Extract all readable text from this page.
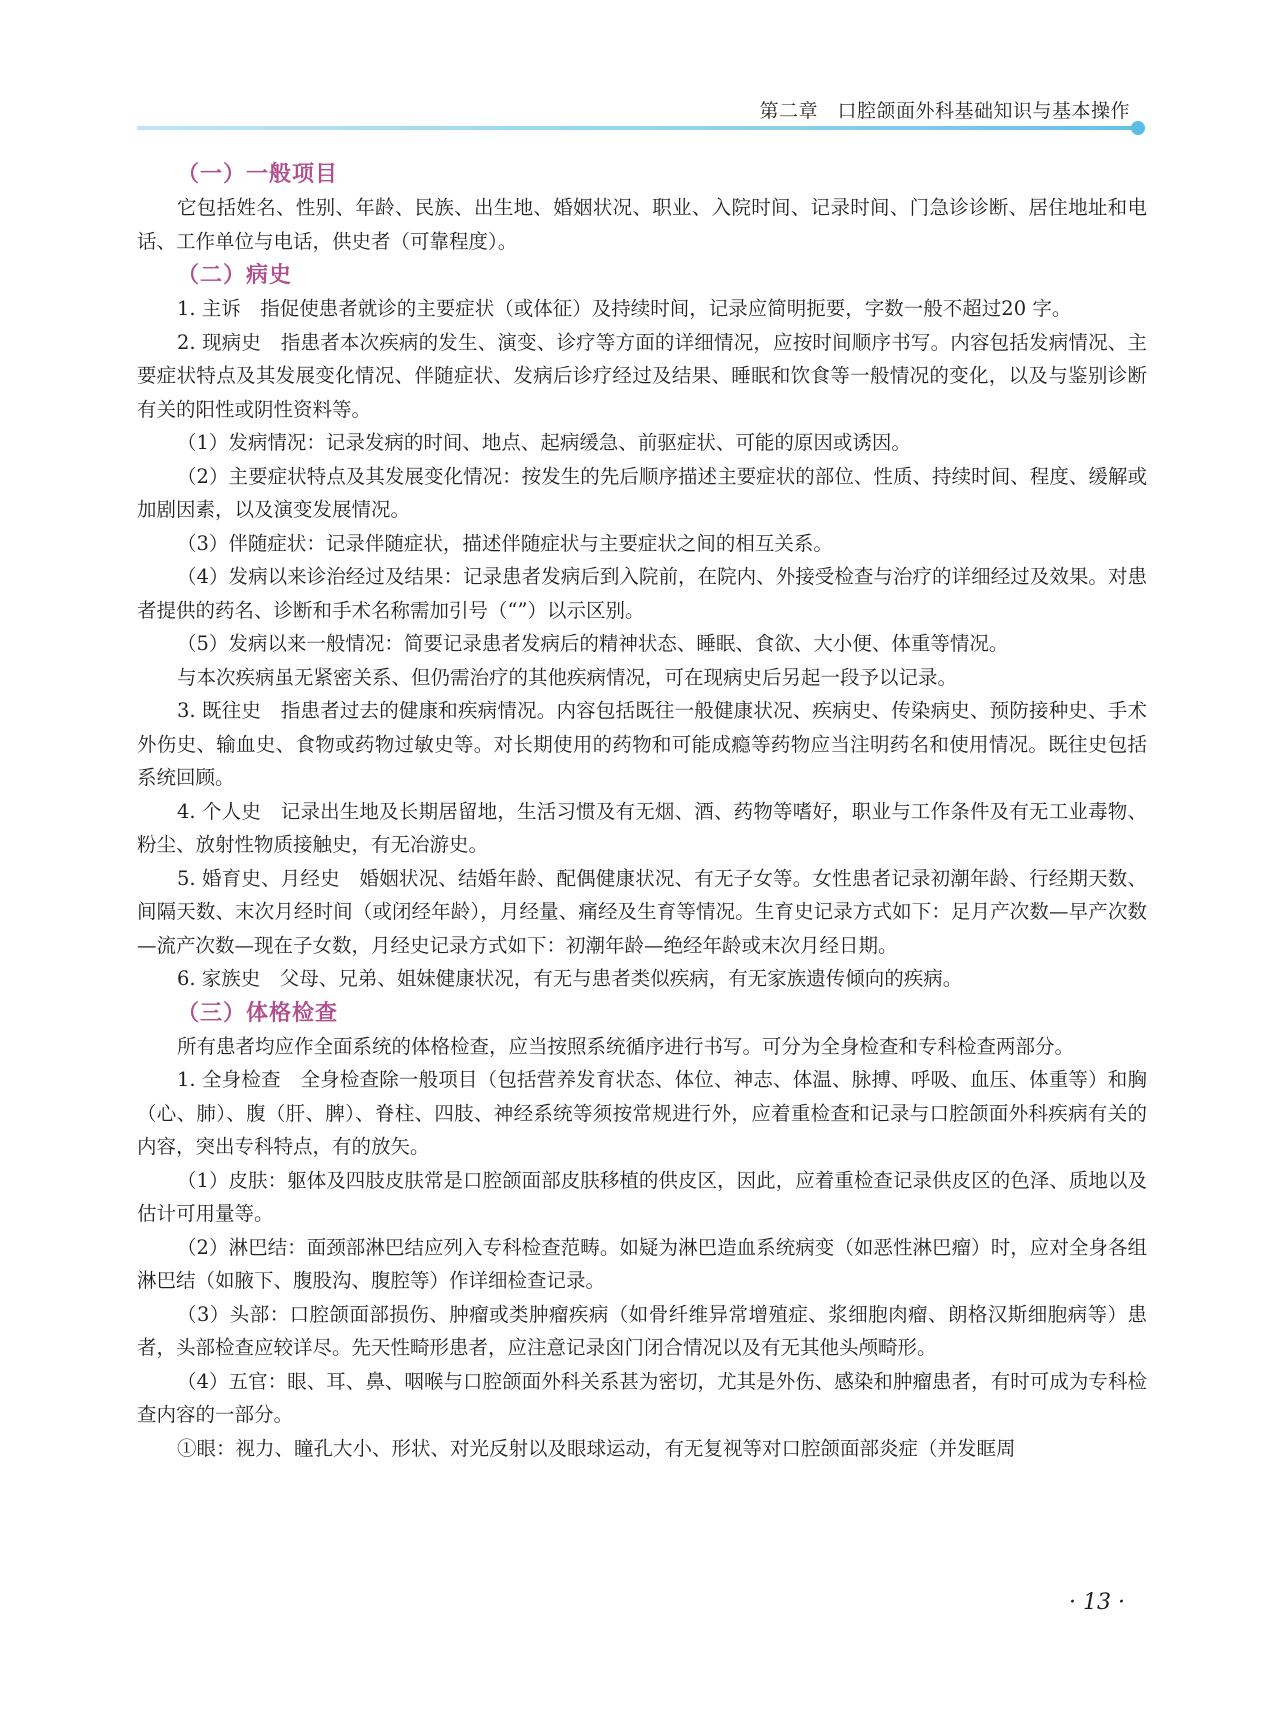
第二章　口腔颌面外科基础知识与基本操作
（一）一般项目

它包括姓名、性别、年龄、民族、出生地、婚姻状况、职业、入院时间、记录时间、门急诊诊断、居住地址和电话、工作单位与电话，供史者（可靠程度）。

（二）病史

1. 主诉　指促使患者就诊的主要症状（或体征）及持续时间，记录应简明扼要，字数一般不超过20 字。

2. 现病史　指患者本次疾病的发生、演变、诊疗等方面的详细情况，应按时间顺序书写。内容包括发病情况、主要症状特点及其发展变化情况、伴随症状、发病后诊疗经过及结果、睡眠和饮食等一般情况的变化，以及与鉴别诊断有关的阳性或阴性资料等。

（1）发病情况：记录发病的时间、地点、起病缓急、前驱症状、可能的原因或诱因。

（2）主要症状特点及其发展变化情况：按发生的先后顺序描述主要症状的部位、性质、持续时间、程度、缓解或加剧因素，以及演变发展情况。

（3）伴随症状：记录伴随症状，描述伴随症状与主要症状之间的相互关系。

（4）发病以来诊治经过及结果：记录患者发病后到入院前，在院内、外接受检查与治疗的详细经过及效果。对患者提供的药名、诊断和手术名称需加引号（“”）以示区别。

（5）发病以来一般情况：简要记录患者发病后的精神状态、睡眠、食欲、大小便、体重等情况。

与本次疾病虽无紧密关系、但仍需治疗的其他疾病情况，可在现病史后另起一段予以记录。

3. 既往史　指患者过去的健康和疾病情况。内容包括既往一般健康状况、疾病史、传染病史、预防接种史、手术外伤史、输血史、食物或药物过敏史等。对长期使用的药物和可能成瘾等药物应当注明药名和使用情况。既往史包括系统回顾。

4. 个人史　记录出生地及长期居留地，生活习惯及有无烟、酒、药物等嗜好，职业与工作条件及有无工业毒物、粉尘、放射性物质接触史，有无冶游史。

5. 婚育史、月经史　婚姻状况、结婚年龄、配偶健康状况、有无子女等。女性患者记录初潮年龄、行经期天数、间隔天数、末次月经时间（或闭经年龄），月经量、痛经及生育等情况。生育史记录方式如下：足月产次数—早产次数—流产次数—现在子女数，月经史记录方式如下：初潮年龄—绝经年龄或末次月经日期。

6. 家族史　父母、兄弟、姐妹健康状况，有无与患者类似疾病，有无家族遗传倾向的疾病。

（三）体格检查

所有患者均应作全面系统的体格检查，应当按照系统循序进行书写。可分为全身检查和专科检查两部分。

1. 全身检查　全身检查除一般项目（包括营养发育状态、体位、神志、体温、脉搏、呼吸、血压、体重等）和胸（心、肺）、腹（肝、脾）、脊柱、四肢、神经系统等须按常规进行外，应着重检查和记录与口腔颌面外科疾病有关的内容，突出专科特点，有的放矢。

（1）皮肤：躯体及四肢皮肤常是口腔颌面部皮肤移植的供皮区，因此，应着重检查记录供皮区的色泽、质地以及估计可用量等。

（2）淋巴结：面颈部淋巴结应列入专科检查范畴。如疑为淋巴造血系统病变（如恶性淋巴瘤）时，应对全身各组淋巴结（如腋下、腹股沟、腹腔等）作详细检查记录。

（3）头部：口腔颌面部损伤、肿瘤或类肿瘤疾病（如骨纤维异常增殖症、浆细胞肉瘤、朗格汉斯细胞病等）患者，头部检查应较详尽。先天性畸形患者，应注意记录囟门闭合情况以及有无其他头颅畸形。

（4）五官：眼、耳、鼻、咽喉与口腔颌面外科关系甚为密切，尤其是外伤、感染和肿瘤患者，有时可成为专科检查内容的一部分。

①眼：视力、瞳孔大小、形状、对光反射以及眼球运动，有无复视等对口腔颌面部炎症（并发眶周

· 13 ·
